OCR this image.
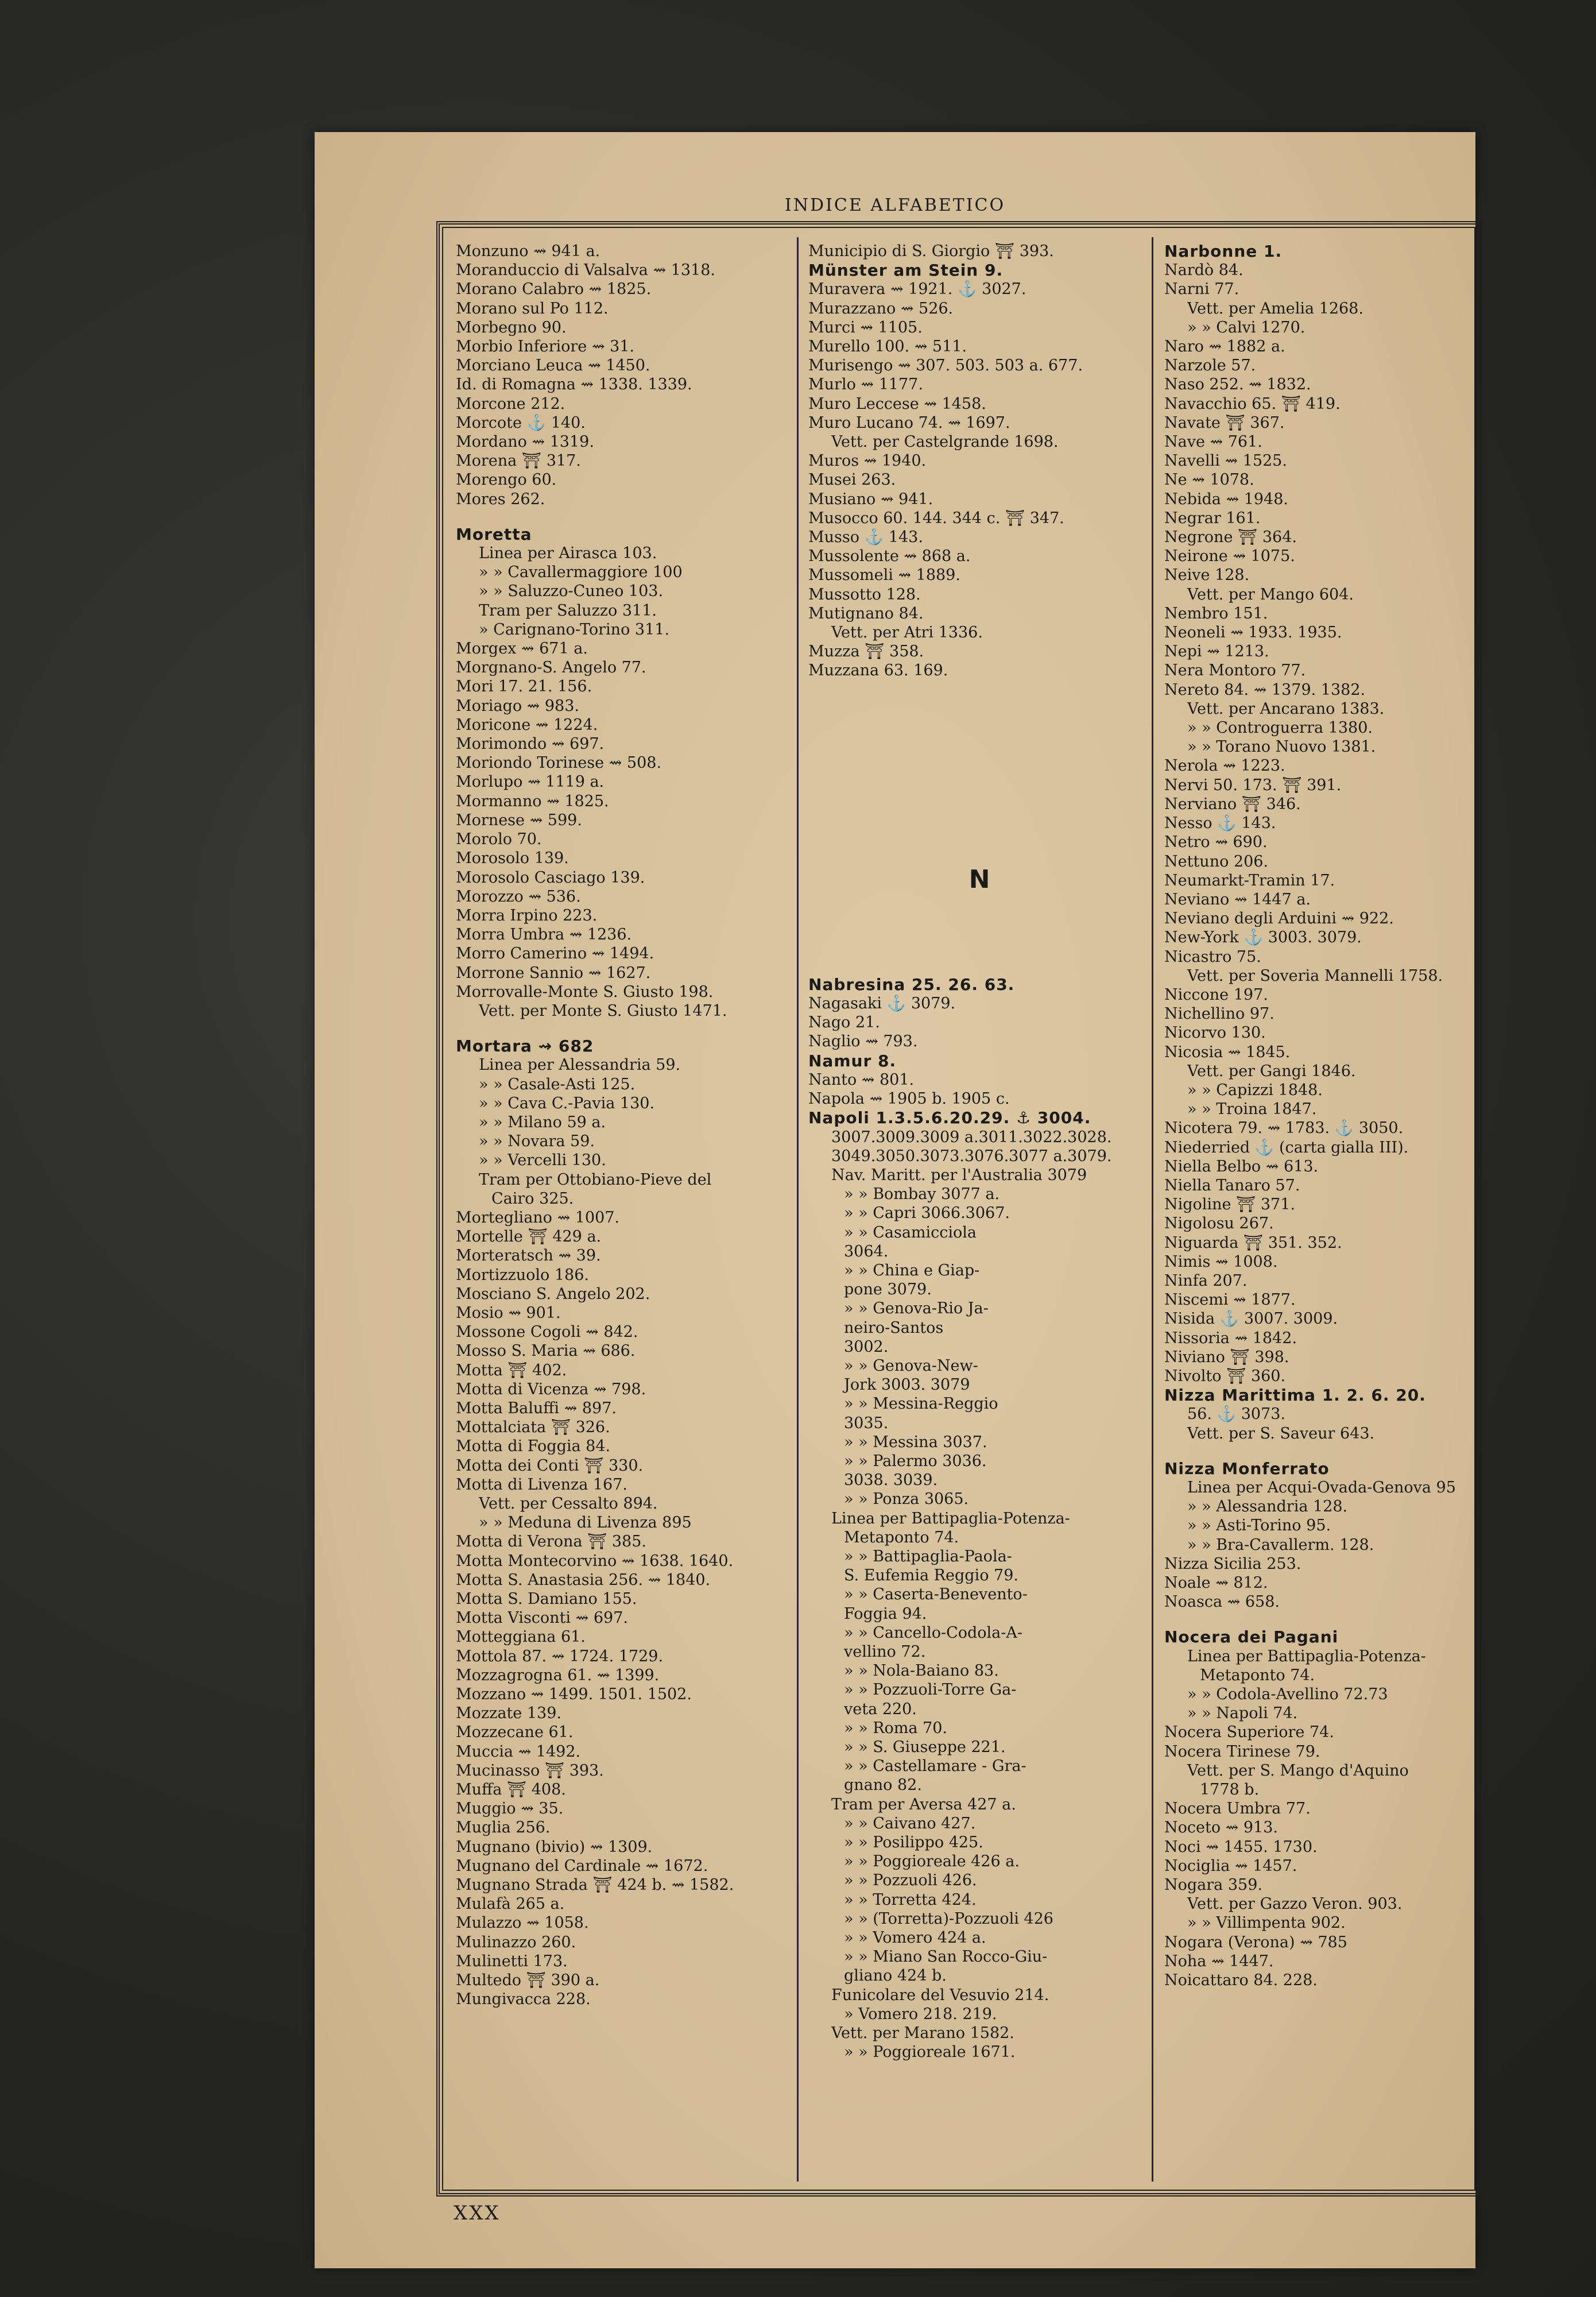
INDICE ALFABETICO
Monzuno ⇝ 941 a.
Moranduccio di Valsalva ⇝ 1318.
Morano Calabro ⇝ 1825.
Morano sul Po 112.
Morbegno 90.
Morbio Inferiore ⇝ 31.
Morciano Leuca ⇝ 1450.
Id. di Romagna ⇝ 1338. 1339.
Morcone 212.
Morcote ⚓ 140.
Mordano ⇝ 1319.
Morena ⛩ 317.
Morengo 60.
Mores 262.
Moretta
Linea per Airasca 103.
» » Cavallermaggiore 100
» » Saluzzo-Cuneo 103.
Tram per Saluzzo 311.
» Carignano-Torino 311.
Morgex ⇝ 671 a.
Morgnano-S. Angelo 77.
Mori 17. 21. 156.
Moriago ⇝ 983.
Moricone ⇝ 1224.
Morimondo ⇝ 697.
Moriondo Torinese ⇝ 508.
Morlupo ⇝ 1119 a.
Mormanno ⇝ 1825.
Mornese ⇝ 599.
Morolo 70.
Morosolo 139.
Morosolo Casciago 139.
Morozzo ⇝ 536.
Morra Irpino 223.
Morra Umbra ⇝ 1236.
Morro Camerino ⇝ 1494.
Morrone Sannio ⇝ 1627.
Morrovalle-Monte S. Giusto 198.
Vett. per Monte S. Giusto 1471.
Mortara ⇝ 682
Linea per Alessandria 59.
» » Casale-Asti 125.
» » Cava C.-Pavia 130.
» » Milano 59 a.
» » Novara 59.
» » Vercelli 130.
Tram per Ottobiano-Pieve del
Cairo 325.
Mortegliano ⇝ 1007.
Mortelle ⛩ 429 a.
Morteratsch ⇝ 39.
Mortizzuolo 186.
Mosciano S. Angelo 202.
Mosio ⇝ 901.
Mossone Cogoli ⇝ 842.
Mosso S. Maria ⇝ 686.
Motta ⛩ 402.
Motta di Vicenza ⇝ 798.
Motta Baluffi ⇝ 897.
Mottalciata ⛩ 326.
Motta di Foggia 84.
Motta dei Conti ⛩ 330.
Motta di Livenza 167.
Vett. per Cessalto 894.
» » Meduna di Livenza 895
Motta di Verona ⛩ 385.
Motta Montecorvino ⇝ 1638. 1640.
Motta S. Anastasia 256. ⇝ 1840.
Motta S. Damiano 155.
Motta Visconti ⇝ 697.
Motteggiana 61.
Mottola 87. ⇝ 1724. 1729.
Mozzagrogna 61. ⇝ 1399.
Mozzano ⇝ 1499. 1501. 1502.
Mozzate 139.
Mozzecane 61.
Muccia ⇝ 1492.
Mucinasso ⛩ 393.
Muffa ⛩ 408.
Muggio ⇝ 35.
Muglia 256.
Mugnano (bivio) ⇝ 1309.
Mugnano del Cardinale ⇝ 1672.
Mugnano Strada ⛩ 424 b. ⇝ 1582.
Mulafà 265 a.
Mulazzo ⇝ 1058.
Mulinazzo 260.
Mulinetti 173.
Multedo ⛩ 390 a.
Mungivacca 228.
Municipio di S. Giorgio ⛩ 393.
Münster am Stein 9.
Muravera ⇝ 1921. ⚓ 3027.
Murazzano ⇝ 526.
Murci ⇝ 1105.
Murello 100. ⇝ 511.
Murisengo ⇝ 307. 503. 503 a. 677.
Murlo ⇝ 1177.
Muro Leccese ⇝ 1458.
Muro Lucano 74. ⇝ 1697.
Vett. per Castelgrande 1698.
Muros ⇝ 1940.
Musei 263.
Musiano ⇝ 941.
Musocco 60. 144. 344 c. ⛩ 347.
Musso ⚓ 143.
Mussolente ⇝ 868 a.
Mussomeli ⇝ 1889.
Mussotto 128.
Mutignano 84.
Vett. per Atri 1336.
Muzza ⛩ 358.
Muzzana 63. 169.
N
Nabresina 25. 26. 63.
Nagasaki ⚓ 3079.
Nago 21.
Naglio ⇝ 793.
Namur 8.
Nanto ⇝ 801.
Napola ⇝ 1905 b. 1905 c.
Napoli 1.3.5.6.20.29. ⚓ 3004.
3007.3009.3009 a.3011.3022.3028.
3049.3050.3073.3076.3077 a.3079.
Nav. Maritt. per l'Australia 3079
» » Bombay 3077 a.
» » Capri 3066.3067.
» » Casamicciola
3064.
» » China e Giap-
pone 3079.
» » Genova-Rio Ja-
neiro-Santos
3002.
» » Genova-New-
Jork 3003. 3079
» » Messina-Reggio
3035.
» » Messina 3037.
» » Palermo 3036.
3038. 3039.
» » Ponza 3065.
Linea per Battipaglia-Potenza-
Metaponto 74.
» » Battipaglia-Paola-
S. Eufemia Reggio 79.
» » Caserta-Benevento-
Foggia 94.
» » Cancello-Codola-A-
vellino 72.
» » Nola-Baiano 83.
» » Pozzuoli-Torre Ga-
veta 220.
» » Roma 70.
» » S. Giuseppe 221.
» » Castellamare - Gra-
gnano 82.
Tram per Aversa 427 a.
» » Caivano 427.
» » Posilippo 425.
» » Poggioreale 426 a.
» » Pozzuoli 426.
» » Torretta 424.
» » (Torretta)-Pozzuoli 426
» » Vomero 424 a.
» » Miano San Rocco-Giu-
gliano 424 b.
Funicolare del Vesuvio 214.
» Vomero 218. 219.
Vett. per Marano 1582.
» » Poggioreale 1671.
Narbonne 1.
Nardò 84.
Narni 77.
Vett. per Amelia 1268.
» » Calvi 1270.
Naro ⇝ 1882 a.
Narzole 57.
Naso 252. ⇝ 1832.
Navacchio 65. ⛩ 419.
Navate ⛩ 367.
Nave ⇝ 761.
Navelli ⇝ 1525.
Ne ⇝ 1078.
Nebida ⇝ 1948.
Negrar 161.
Negrone ⛩ 364.
Neirone ⇝ 1075.
Neive 128.
Vett. per Mango 604.
Nembro 151.
Neoneli ⇝ 1933. 1935.
Nepi ⇝ 1213.
Nera Montoro 77.
Nereto 84. ⇝ 1379. 1382.
Vett. per Ancarano 1383.
» » Controguerra 1380.
» » Torano Nuovo 1381.
Nerola ⇝ 1223.
Nervi 50. 173. ⛩ 391.
Nerviano ⛩ 346.
Nesso ⚓ 143.
Netro ⇝ 690.
Nettuno 206.
Neumarkt-Tramin 17.
Neviano ⇝ 1447 a.
Neviano degli Arduini ⇝ 922.
New-York ⚓ 3003. 3079.
Nicastro 75.
Vett. per Soveria Mannelli 1758.
Niccone 197.
Nichellino 97.
Nicorvo 130.
Nicosia ⇝ 1845.
Vett. per Gangi 1846.
» » Capizzi 1848.
» » Troina 1847.
Nicotera 79. ⇝ 1783. ⚓ 3050.
Niederried ⚓ (carta gialla III).
Niella Belbo ⇝ 613.
Niella Tanaro 57.
Nigoline ⛩ 371.
Nigolosu 267.
Niguarda ⛩ 351. 352.
Nimis ⇝ 1008.
Ninfa 207.
Niscemi ⇝ 1877.
Nisida ⚓ 3007. 3009.
Nissoria ⇝ 1842.
Niviano ⛩ 398.
Nivolto ⛩ 360.
Nizza Marittima 1. 2. 6. 20.
56. ⚓ 3073.
Vett. per S. Saveur 643.
Nizza Monferrato
Linea per Acqui-Ovada-Genova 95
» » Alessandria 128.
» » Asti-Torino 95.
» » Bra-Cavallerm. 128.
Nizza Sicilia 253.
Noale ⇝ 812.
Noasca ⇝ 658.
Nocera dei Pagani
Linea per Battipaglia-Potenza-
Metaponto 74.
» » Codola-Avellino 72.73
» » Napoli 74.
Nocera Superiore 74.
Nocera Tirinese 79.
Vett. per S. Mango d'Aquino
1778 b.
Nocera Umbra 77.
Noceto ⇝ 913.
Noci ⇝ 1455. 1730.
Nociglia ⇝ 1457.
Nogara 359.
Vett. per Gazzo Veron. 903.
» » Villimpenta 902.
Nogara (Verona) ⇝ 785
Noha ⇝ 1447.
Noicattaro 84. 228.
XXX
